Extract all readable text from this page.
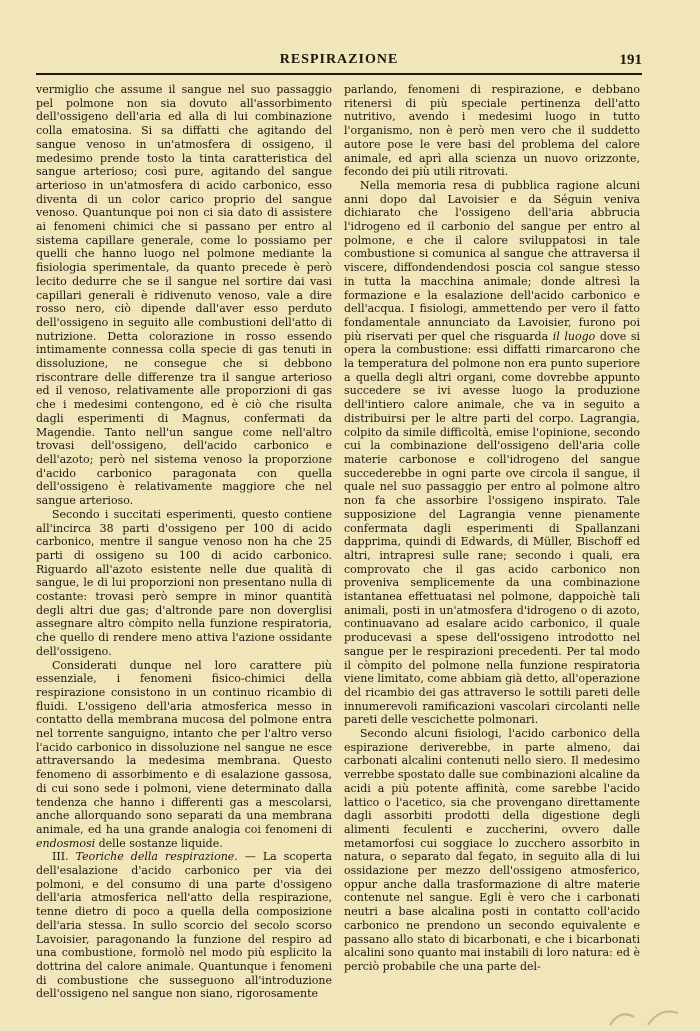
RESPIRAZIONE	191

vermiglio che assume il sangue nel suo passaggio pel polmone non sia dovuto all'assorbimento dell'ossigeno dell'aria ed alla di lui combinazione colla ematosina. Si sa diffatti che agitando del sangue venoso in un'atmosfera di ossigeno, il medesimo prende tosto la tinta caratteristica del sangue arterioso; così pure, agitando del sangue arterioso in un'atmosfera di acido carbonico, esso diventa di un color carico proprio del sangue venoso. Quantunque poi non ci sia dato di assistere ai fenomeni chimici che si passano per entro al sistema capillare generale, come lo possiamo per quelli che hanno luogo nel polmone mediante la fisiologia sperimentale, da quanto precede è però lecito dedurre che se il sangue nel sortire dai vasi capillari generali è ridivenuto venoso, vale a dire rosso nero, ciò dipende dall'aver esso perduto dell'ossigeno in seguito alle combustioni dell'atto di nutrizione. Detta colorazione in rosso essendo intimamente connessa colla specie di gas tenuti in dissoluzione, ne consegue che si debbono riscontrare delle differenze tra il sangue arterioso ed il venoso, relativamente alle proporzioni di gas che i medesimi contengono, ed è ciò che risulta dagli esperimenti di Magnus, confermati da Magendie. Tanto nell'un sangue come nell'altro trovasi dell'ossigeno, dell'acido carbonico e dell'azoto; però nel sistema venoso la proporzione d'acido carbonico paragonata con quella dell'ossigeno è relativamente maggiore che nel sangue arterioso.

Secondo i succitati esperimenti, questo contiene all'incirca 38 parti d'ossigeno per 100 di acido carbonico, mentre il sangue venoso non ha che 25 parti di ossigeno su 100 di acido carbonico. Riguardo all'azoto esistente nelle due qualità di sangue, le di lui proporzioni non presentano nulla di costante: trovasi però sempre in minor quantità degli altri due gas; d'altronde pare non doverglisi assegnare altro còmpito nella funzione respiratoria, che quello di rendere meno attiva l'azione ossidante dell'ossigeno.

Considerati dunque nel loro carattere più essenziale, i fenomeni fisico-chimici della respirazione consistono in un continuo ricambio di fluidi. L'ossigeno dell'aria atmosferica messo in contatto della membrana mucosa del polmone entra nel torrente sanguigno, intanto che per l'altro verso l'acido carbonico in dissoluzione nel sangue ne esce attraversando la medesima membrana. Questo fenomeno di assorbimento e di esalazione gassosa, di cui sono sede i polmoni, viene determinato dalla tendenza che hanno i differenti gas a mescolarsi, anche allorquando sono separati da una membrana animale, ed ha una grande analogia coi fenomeni di endosmosi delle sostanze liquide.

III. Teoriche della respirazione. — La scoperta dell'esalazione d'acido carbonico per via dei polmoni, e del consumo di una parte d'ossigeno dell'aria atmosferica nell'atto della respirazione, tenne dietro di poco a quella della composizione dell'aria stessa. In sullo scorcio del secolo scorso Lavoisier, paragonando la funzione del respiro ad una combustione, formolò nel modo più esplicito la dottrina del calore animale. Quantunque i fenomeni di combustione che susseguono all'introduzione dell'ossigeno nel sangue non siano, rigorosamente

parlando, fenomeni di respirazione, e debbano ritenersi di più speciale pertinenza dell'atto nutritivo, avendo i medesimi luogo in tutto l'organismo, non è però men vero che il suddetto autore pose le vere basi del problema del calore animale, ed aprì alla scienza un nuovo orizzonte, fecondo dei più utili ritrovati.

Nella memoria resa di pubblica ragione alcuni anni dopo dal Lavoisier e da Séguin veniva dichiarato che l'ossigeno dell'aria abbrucia l'idrogeno ed il carbonio del sangue per entro al polmone, e che il calore sviluppatosi in tale combustione si comunica al sangue che attraversa il viscere, diffondendendosi poscia col sangue stesso in tutta la macchina animale; donde altresì la formazione e la esalazione dell'acido carbonico e dell'acqua. I fisiologi, ammettendo per vero il fatto fondamentale annunciato da Lavoisier, furono poi più riservati per quel che risguarda il luogo dove si opera la combustione: essi diffatti rimarcarono che la temperatura del polmone non era punto superiore a quella degli altri organi, come dovrebbe appunto succedere se ivi avesse luogo la produzione dell'intiero calore animale, che va in seguito a distribuirsi per le altre parti del corpo. Lagrangia, colpito da simile difficoltà, emise l'opinione, secondo cui la combinazione dell'ossigeno dell'aria colle materie carbonose e coll'idrogeno del sangue succederebbe in ogni parte ove circola il sangue, il quale nel suo passaggio per entro al polmone altro non fa che assorbire l'ossigeno inspirato. Tale supposizione del Lagrangia venne pienamente confermata dagli esperimenti di Spallanzani dapprima, quindi di Edwards, di Müller, Bischoff ed altri, intrapresi sulle rane; secondo i quali, era comprovato che il gas acido carbonico non proveniva semplicemente da una combinazione istantanea effettuatasi nel polmone, dappoichè tali animali, posti in un'atmosfera d'idrogeno o di azoto, continuavano ad esalare acido carbonico, il quale producevasi a spese dell'ossigeno introdotto nel sangue per le respirazioni precedenti. Per tal modo il còmpito del polmone nella funzione respiratoria viene limitato, come abbiam già detto, all'operazione del ricambio dei gas attraverso le sottili pareti delle innumerevoli ramificazioni vascolari circolanti nelle pareti delle vescichette polmonari.

Secondo alcuni fisiologi, l'acido carbonico della espirazione deriverebbe, in parte almeno, dai carbonati alcalini contenuti nello siero. Il medesimo verrebbe spostato dalle sue combinazioni alcaline da acidi a più potente affinità, come sarebbe l'acido lattico o l'acetico, sia che provengano direttamente dagli assorbiti prodotti della digestione degli alimenti feculenti e zuccherini, ovvero dalle metamorfosi cui soggiace lo zucchero assorbito in natura, o separato dal fegato, in seguito alla di lui ossidazione per mezzo dell'ossigeno atmosferico, oppur anche dalla trasformazione di altre materie contenute nel sangue. Egli è vero che i carbonati neutri a base alcalina posti in contatto coll'acido carbonico ne prendono un secondo equivalente e passano allo stato di bicarbonati, e che i bicarbonati alcalini sono quanto mai instabili di loro natura: ed è perciò probabile che una parte del-
